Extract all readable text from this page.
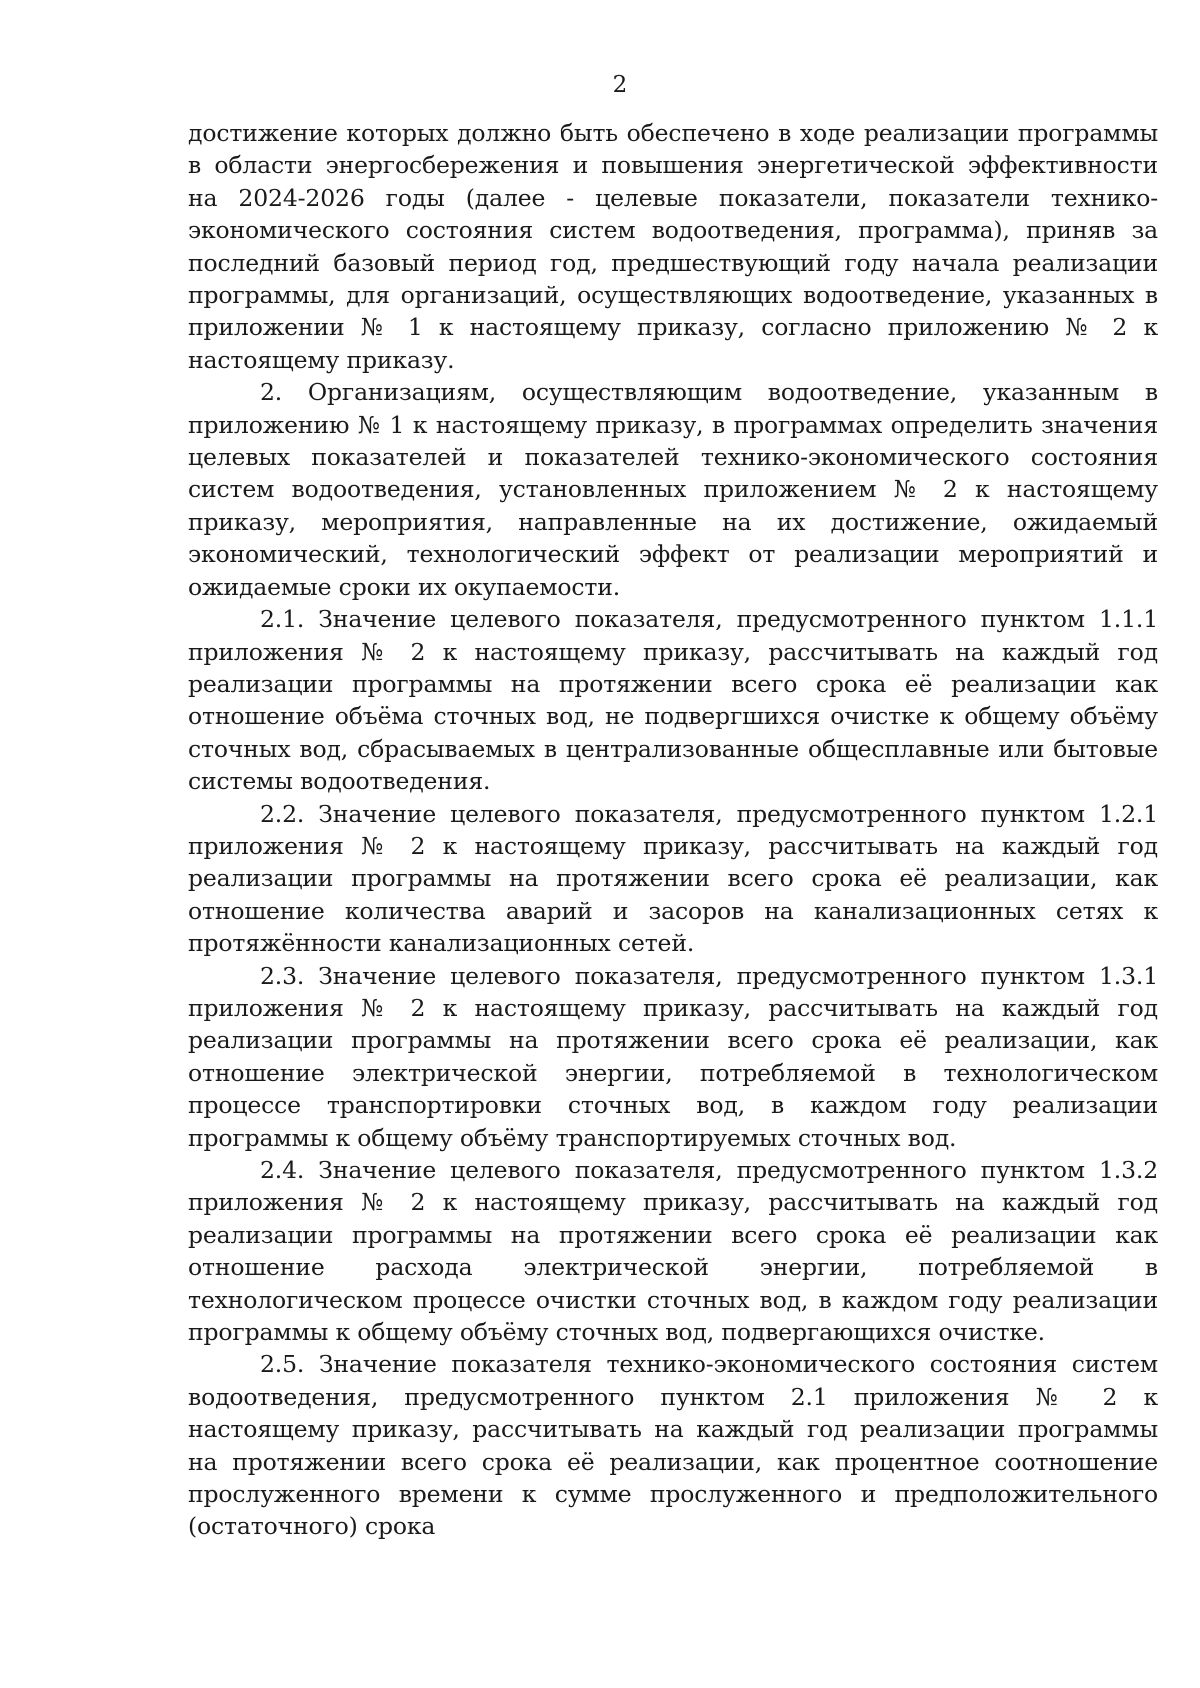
2

достижение которых должно быть обеспечено в ходе реализации программы в области энергосбережения и повышения энергетической эффективности на 2024-2026 годы (далее - целевые показатели, показатели технико-экономического состояния систем водоотведения, программа), приняв за последний базовый период год, предшествующий году начала реализации программы, для организаций, осуществляющих водоотведение, указанных в приложении № 1 к настоящему приказу, согласно приложению № 2 к настоящему приказу.

2. Организациям, осуществляющим водоотведение, указанным в приложению № 1 к настоящему приказу, в программах определить значения целевых показателей и показателей технико-экономического состояния систем водоотведения, установленных приложением № 2 к настоящему приказу, мероприятия, направленные на их достижение, ожидаемый экономический, технологический эффект от реализации мероприятий и ожидаемые сроки их окупаемости.

2.1. Значение целевого показателя, предусмотренного пунктом 1.1.1 приложения № 2 к настоящему приказу, рассчитывать на каждый год реализации программы на протяжении всего срока её реализации как отношение объёма сточных вод, не подвергшихся очистке к общему объёму сточных вод, сбрасываемых в централизованные общесплавные или бытовые системы водоотведения.

2.2. Значение целевого показателя, предусмотренного пунктом 1.2.1 приложения № 2 к настоящему приказу, рассчитывать на каждый год реализации программы на протяжении всего срока её реализации, как отношение количества аварий и засоров на канализационных сетях к протяжённости канализационных сетей.

2.3. Значение целевого показателя, предусмотренного пунктом 1.3.1 приложения № 2 к настоящему приказу, рассчитывать на каждый год реализации программы на протяжении всего срока её реализации, как отношение электрической энергии, потребляемой в технологическом процессе транспортировки сточных вод, в каждом году реализации программы к общему объёму транспортируемых сточных вод.

2.4. Значение целевого показателя, предусмотренного пунктом 1.3.2 приложения № 2 к настоящему приказу, рассчитывать на каждый год реализации программы на протяжении всего срока её реализации как отношение расхода электрической энергии, потребляемой в технологическом процессе очистки сточных вод, в каждом году реализации программы к общему объёму сточных вод, подвергающихся очистке.

2.5. Значение показателя технико-экономического состояния систем водоотведения, предусмотренного пунктом 2.1 приложения № 2 к настоящему приказу, рассчитывать на каждый год реализации программы на протяжении всего срока её реализации, как процентное соотношение прослуженного времени к сумме прослуженного и предположительного (остаточного) срока
